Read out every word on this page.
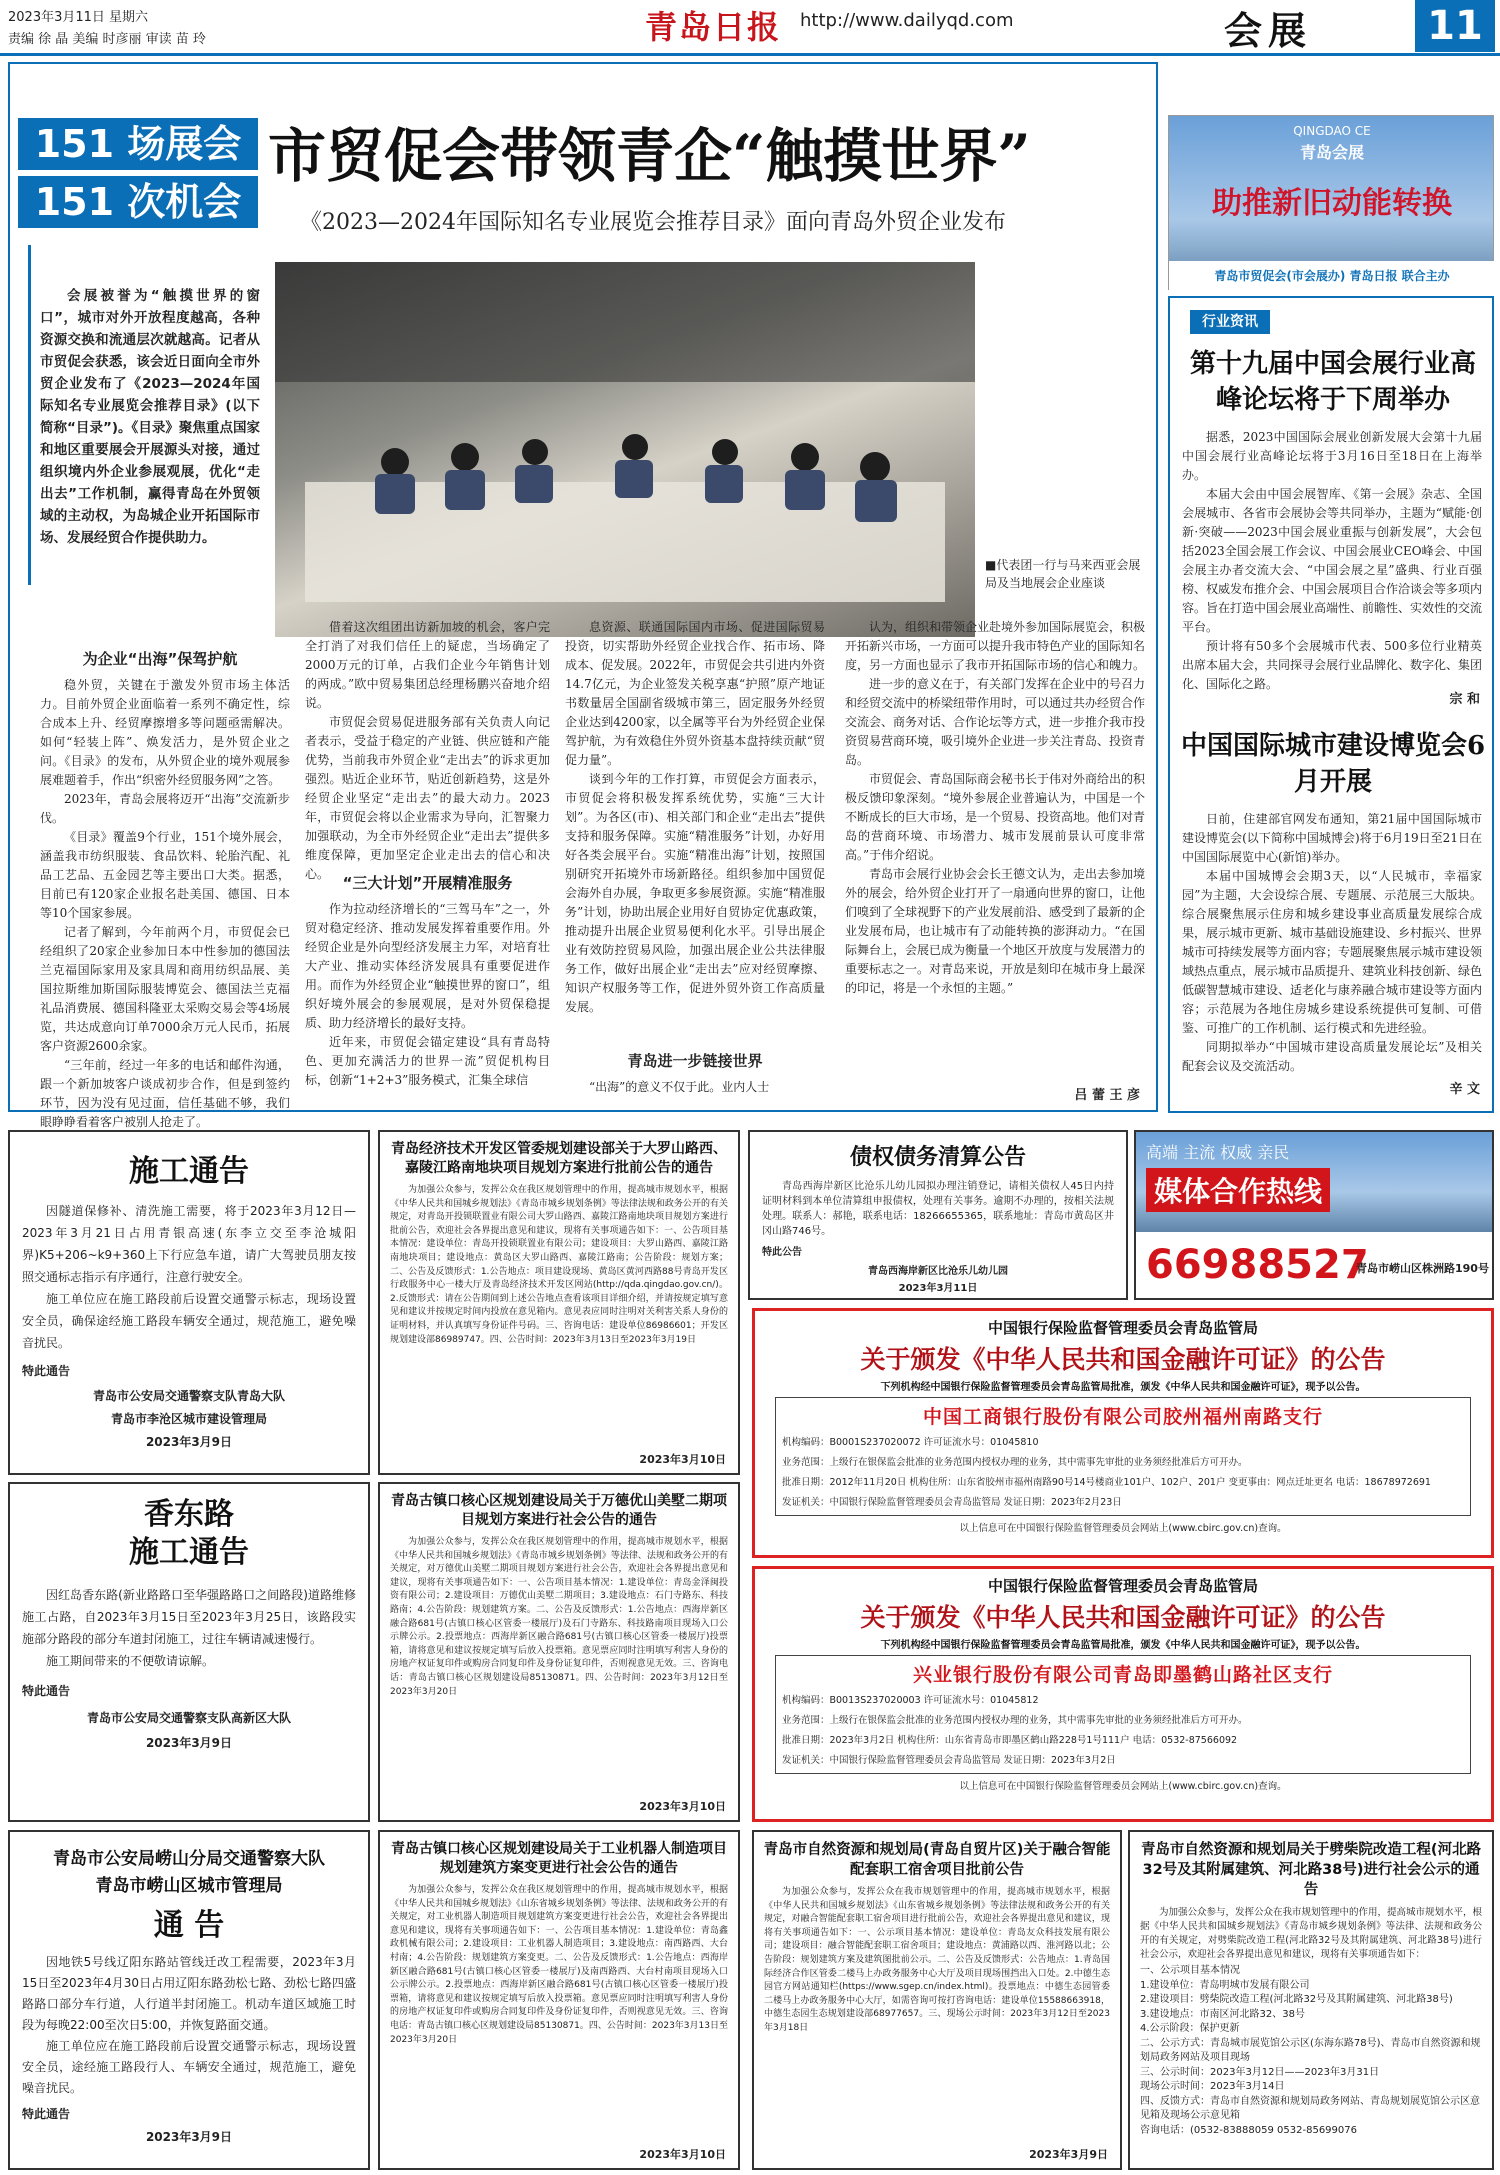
2023年3月11日 星期六
责编 徐 晶 美编 时彦丽 审读 苗 玲	青岛日报 http://www.dailyqd.com	会展	11
151 场展会
151 次机会
市贸促会带领青企“触摸世界”
《2023—2024年国际知名专业展览会推荐目录》面向青岛外贸企业发布
会展被誉为“触摸世界的窗口”，城市对外开放程度越高，各种资源交换和流通层次就越高。记者从市贸促会获悉，该会近日面向全市外贸企业发布了《2023—2024年国际知名专业展览会推荐目录》(以下简称“目录”)。《目录》聚焦重点国家和地区重要展会开展源头对接，通过组织境内外企业参展观展，优化“走出去”工作机制，赢得青岛在外贸领域的主动权，为岛城企业开拓国际市场、发展经贸合作提供助力。
■代表团一行与马来西亚会展局及当地展会企业座谈
为企业“出海”保驾护航

稳外贸，关键在于激发外贸市场主体活力。目前外贸企业面临着一系列不确定性，综合成本上升、经贸摩擦增多等问题亟需解决。如何“轻装上阵”、焕发活力，是外贸企业之问。《目录》的发布，从外贸企业的境外观展参展难题着手，作出“织密外经贸服务网”之答。

2023年，青岛会展将迈开“出海”交流新步伐。

《目录》覆盖9个行业，151个境外展会，涵盖我市纺织服装、食品饮料、轮胎汽配、礼品工艺品、五金园艺等主要出口大类。据悉，目前已有120家企业报名赴美国、德国、日本等10个国家参展。

记者了解到，今年前两个月，市贸促会已经组织了20家企业参加日本中性参加的德国法兰克福国际家用及家具周和商用纺织品展、美国拉斯维加斯国际服装博览会、德国法兰克福礼品消费展、德国科隆亚太采购交易会等4场展览，共达成意向订单7000余万元人民币，拓展客户资源2600余家。

“三年前，经过一年多的电话和邮件沟通，跟一个新加坡客户谈成初步合作，但是到签约环节，因为没有见过面，信任基础不够，我们眼睁睁看着客户被别人抢走了。

借着这次组团出访新加坡的机会，客户完全打消了对我们信任上的疑虑，当场确定了2000万元的订单，占我们企业今年销售计划的两成。”欧中贸易集团总经理杨鹏兴奋地介绍说。

市贸促会贸易促进服务部有关负责人向记者表示，受益于稳定的产业链、供应链和产能优势，当前我市外贸企业“走出去”的诉求更加强烈。贴近企业环节，贴近创新趋势，这是外经贸企业坚定“走出去”的最大动力。2023年，市贸促会将以企业需求为导向，汇智聚力加强联动，为全市外经贸企业“走出去”提供多维度保障，更加坚定企业走出去的信心和决心。 “三大计划”开展精准服务

作为拉动经济增长的“三驾马车”之一，外贸对稳定经济、推动发展发挥着重要作用。外经贸企业是外向型经济发展主力军，对培育壮大产业、推动实体经济发展具有重要促进作用。而作为外经贸企业“触摸世界的窗口”，组织好境外展会的参展观展，是对外贸保稳提质、助力经济增长的最好支持。

近年来，市贸促会锚定建设“具有青岛特色、更加充满活力的世界一流”贸促机构目标，创新“1+2+3”服务模式，汇集全球信

息资源、联通国际国内市场、促进国际贸易投资，切实帮助外经贸企业找合作、拓市场、降成本、促发展。2022年，市贸促会共引进内外资14.7亿元，为企业签发关税享惠“护照”原产地证书数量居全国副省级城市第三，固定服务外经贸企业达到4200家，以全属等平台为外经贸企业保驾护航，为有效稳住外贸外资基本盘持续贡献“贸促力量”。

谈到今年的工作打算，市贸促会方面表示，市贸促会将积极发挥系统优势，实施“三大计划”。为各区(市)、相关部门和企业“走出去”提供支持和服务保障。实施“精准服务”计划，办好用好各类会展平台。实施“精准出海”计划，按照国别研究开拓境外市场新路径。组织参加中国贸促会海外自办展，争取更多参展资源。实施“精准服务”计划，协助出展企业用好自贸协定优惠政策，推动提升出展企业贸易便利化水平。引导出展企业有效防控贸易风险，加强出展企业公共法律服务工作，做好出展企业“走出去”应对经贸摩擦、知识产权服务等工作，促进外贸外资工作高质量发展。

青岛进一步链接世界

“出海”的意义不仅于此。业内人士

认为，组织和带领企业赴境外参加国际展览会，积极开拓新兴市场，一方面可以提升我市特色产业的国际知名度，另一方面也显示了我市开拓国际市场的信心和魄力。

进一步的意义在于，有关部门发挥在企业中的号召力和经贸交流中的桥梁纽带作用时，可以通过共办经贸合作交流会、商务对话、合作论坛等方式，进一步推介我市投资贸易营商环境，吸引境外企业进一步关注青岛、投资青岛。

市贸促会、青岛国际商会秘书长于伟对外商给出的积极反馈印象深刻。“境外参展企业普遍认为，中国是一个不断成长的巨大市场，是一个贸易、投资高地。他们对青岛的营商环境、市场潜力、城市发展前景认可度非常高。”于伟介绍说。

青岛市会展行业协会会长王德文认为，走出去参加境外的展会，给外贸企业打开了一扇通向世界的窗口，让他们嗅到了全球视野下的产业发展前沿、感受到了最新的企业发展布局，也让城市有了动能转换的澎湃动力。“在国际舞台上，会展已成为衡量一个地区开放度与发展潜力的重要标志之一。对青岛来说，开放是刻印在城市身上最深的印记，将是一个永恒的主题。”

吕 蕾 王 彦
QINGDAO CE
青岛会展
助推新旧动能转换
青岛市贸促会(市会展办) 青岛日报 联合主办
行业资讯
第十九届中国会展行业高峰论坛将于下周举办

据悉，2023中国国际会展业创新发展大会第十九届中国会展行业高峰论坛将于3月16日至18日在上海举办。

本届大会由中国会展智库、《第一会展》杂志、全国会展城市、各省市会展协会等共同举办，主题为“赋能·创新·突破——2023中国会展业重振与创新发展”，大会包括2023全国会展工作会议、中国会展业CEO峰会、中国会展主办者交流大会、“中国会展之星”盛典、行业百强榜、权威发布推介会、中国会展项目合作洽谈会等多项内容。旨在打造中国会展业高端性、前瞻性、实效性的交流平台。

预计将有50多个会展城市代表、500多位行业精英出席本届大会，共同探寻会展行业品牌化、数字化、集团化、国际化之路。

宗 和
中国国际城市建设博览会6月开展

日前，住建部官网发布通知，第21届中国国际城市建设博览会(以下简称中国城博会)将于6月19日至21日在中国国际展览中心(新馆)举办。

本届中国城博会会期3天，以“人民城市，幸福家园”为主题，大会设综合展、专题展、示范展三大版块。综合展聚焦展示住房和城乡建设事业高质量发展综合成果，展示城市更新、城市基础设施建设、乡村振兴、世界城市可持续发展等方面内容；专题展聚焦展示城市建设领域热点重点，展示城市品质提升、建筑业科技创新、绿色低碳智慧城市建设、适老化与康养融合城市建设等方面内容；示范展为各地住房城乡建设系统提供可复制、可借鉴、可推广的工作机制、运行模式和先进经验。

同期拟举办“中国城市建设高质量发展论坛”及相关配套会议及交流活动。

辛 文
施工通告

因隧道保修补、清洗施工需要，将于2023年3月12日—2023年3月21日占用青银高速(东李立交至李沧城阳界)K5+206~k9+360上下行应急车道，请广大驾驶员朋友按照交通标志指示有序通行，注意行驶安全。

施工单位应在施工路段前后设置交通警示标志，现场设置安全员，确保途经施工路段车辆安全通过，规范施工，避免噪音扰民。

特此通告

青岛市公安局交通警察支队青岛大队

青岛市李沧区城市建设管理局

2023年3月9日

香东路
施工通告

因红岛香东路(新业路路口至华强路路口之间路段)道路维修施工占路，自2023年3月15日至2023年3月25日，该路段实施部分路段的部分车道封闭施工，过往车辆请减速慢行。

施工期间带来的不便敬请谅解。

特此通告

青岛市公安局交通警察支队高新区大队

2023年3月9日

青岛市公安局崂山分局交通警察大队
青岛市崂山区城市管理局
通 告

因地铁5号线辽阳东路站管线迁改工程需要，2023年3月15日至2023年4月30日占用辽阳东路劲松七路、劲松七路四盛路路口部分车行道，人行道半封闭施工。机动车道区域施工时段为每晚22:00至次日5:00，并恢复路面交通。

施工单位应在施工路段前后设置交通警示标志，现场设置安全员，途经施工路段行人、车辆安全通过，规范施工，避免噪音扰民。

特此通告

2023年3月9日

青岛经济技术开发区管委规划建设部关于大罗山路西、嘉陵江路南地块项目规划方案进行批前公告的通告

为加强公众参与，发挥公众在我区规划管理中的作用，提高城市规划水平，根据《中华人民共和国城乡规划法》《青岛市城乡规划条例》等法律法规和政务公开的有关规定，对青岛开投锁联置业有限公司大罗山路西、嘉陵江路南地块项目规划方案进行批前公告，欢迎社会各界提出意见和建议，现将有关事项通告如下：一、公告项目基本情况：建设单位：青岛开投锁联置业有限公司；建设项目：大罗山路西、嘉陵江路南地块项目；建设地点：黄岛区大罗山路西、嘉陵江路南；公告阶段：规划方案；二、公告及反馈形式：1.公告地点：项目建设现场、黄岛区黄河西路88号青岛开发区行政服务中心一楼大厅及青岛经济技术开发区网站(http://qda.qingdao.gov.cn/)。2.反馈形式：请在公告期间到上述公告地点查看该项目详细介绍，并请按规定填写意见和建议并按规定时间内投放在意见箱内。意见表应同时注明对关利害关系人身份的证明材料，并认真填写身份证件号码。三、咨询电话：建设单位86986601；开发区规划建设部86989747。四、公告时间：2023年3月13日至2023年3月19日

2023年3月10日

青岛古镇口核心区规划建设局关于万德优山美墅二期项目规划方案进行社会公告的通告

为加强公众参与，发挥公众在我区规划管理中的作用，提高城市规划水平，根据《中华人民共和国城乡规划法》《青岛市城乡规划条例》等法律、法规和政务公开的有关规定，对万德优山美墅二期项目规划方案进行社会公告，欢迎社会各界提出意见和建议，现将有关事项通告如下：一、公告项目基本情况：1.建设单位：青岛金泽闽投资有限公司；2.建设项目：万德优山美墅二期项目；3.建设地点：石门寺路东、科技路南；4.公告阶段：规划建筑方案。二、公告及反馈形式：1.公告地点：西海岸新区融合路681号(古镇口核心区管委一楼展厅)及石门寺路东、科技路南项目现场入口公示牌公示。2.投票地点：西海岸新区融合路681号(古镇口核心区管委一楼展厅)投票箱，请将意见和建议按规定填写后放入投票箱。意见票应同时注明填写利害人身份的房地产权证复印件或购房合同复印件及身份证复印件，否则视意见无效。三、咨询电话：青岛古镇口核心区规划建设局85130871。四、公告时间：2023年3月12日至2023年3月20日

2023年3月10日

青岛古镇口核心区规划建设局关于工业机器人制造项目规划建筑方案变更进行社会公告的通告

为加强公众参与，发挥公众在我区规划管理中的作用，提高城市规划水平，根据《中华人民共和国城乡规划法》《山东省城乡规划条例》等法律、法规和政务公开的有关规定，对工业机器人制造项目规划建筑方案变更进行社会公告，欢迎社会各界提出意见和建议，现将有关事项通告如下：一、公告项目基本情况：1.建设单位：青岛鑫政机械有限公司；2.建设项目：工业机器人制造项目；3.建设地点：南西路西、大台村南；4.公告阶段：规划建筑方案变更。二、公告及反馈形式：1.公告地点：西海岸新区融合路681号(古镇口核心区管委一楼展厅)及南西路西、大台村南项目现场入口公示牌公示。2.投票地点：西海岸新区融合路681号(古镇口核心区管委一楼展厅)投票箱，请将意见和建议按规定填写后放入投票箱。意见票应同时注明填写利害人身份的房地产权证复印件或购房合同复印件及身份证复印件，否则视意见无效。三、咨询电话：青岛古镇口核心区规划建设局85130871。四、公告时间：2023年3月13日至2023年3月20日

2023年3月10日

债权债务清算公告

青岛西海岸新区比沧乐儿幼儿园拟办理注销登记，请相关债权人45日内持证明材料到本单位清算组申报债权，处理有关事务。逾期不办理的，按相关法规处理。联系人：郝艳，联系电话：18266655365，联系地址：青岛市黄岛区井冈山路746号。

特此公告

青岛西海岸新区比沧乐儿幼儿园

2023年3月11日

高端 主流 权威 亲民
媒体合作热线
66988527
青岛市崂山区株洲路190号
中国银行保险监督管理委员会青岛监管局
关于颁发《中华人民共和国金融许可证》的公告
下列机构经中国银行保险监督管理委员会青岛监管局批准，颁发《中华人民共和国金融许可证》，现予以公告。
中国工商银行股份有限公司胶州福州南路支行

机构编码：B0001S237020072 许可证流水号：01045810

业务范围：上级行在银保监会批准的业务范围内授权办理的业务，其中需事先审批的业务须经批准后方可开办。

批准日期：2012年11月20日 机构住所：山东省胶州市福州南路90号14号楼商业101户、102户、201户 变更事由：网点迁址更名 电话：18678972691

发证机关：中国银行保险监督管理委员会青岛监管局 发证日期：2023年2月23日

以上信息可在中国银行保险监督管理委员会网站上(www.cbirc.gov.cn)查询。

中国银行保险监督管理委员会青岛监管局
关于颁发《中华人民共和国金融许可证》的公告
下列机构经中国银行保险监督管理委员会青岛监管局批准，颁发《中华人民共和国金融许可证》，现予以公告。
兴业银行股份有限公司青岛即墨鹤山路社区支行

机构编码：B0013S237020003 许可证流水号：01045812

业务范围：上级行在银保监会批准的业务范围内授权办理的业务，其中需事先审批的业务须经批准后方可开办。

批准日期：2023年3月2日 机构住所：山东省青岛市即墨区鹤山路228号1号111户 电话：0532-87566092

发证机关：中国银行保险监督管理委员会青岛监管局 发证日期：2023年3月2日

以上信息可在中国银行保险监督管理委员会网站上(www.cbirc.gov.cn)查询。

青岛市自然资源和规划局(青岛自贸片区)关于融合智能配套职工宿舍项目批前公告

为加强公众参与，发挥公众在我市规划管理中的作用，提高城市规划水平，根据《中华人民共和国城乡规划法》《山东省城乡规划条例》等法律法规和政务公开的有关规定，对融合智能配套职工宿舍项目进行批前公告，欢迎社会各界提出意见和建议，现将有关事项通告如下：一、公示项目基本情况：建设单位：青岛友众科技发展有限公司；建设项目：融合智能配套职工宿舍项目；建设地点：黄浦路以西、淮河路以北；公告阶段：规划建筑方案及建筑图批前公示。二、公告及反馈形式：公告地点：1.青岛国际经济合作区管委二楼马上办政务服务中心大厅及项目现场围挡出入口处。2.中德生态园官方网站通知栏(https://www.sgep.cn/index.html)。投票地点：中德生态园管委二楼马上办政务服务中心大厅，如需咨询可按打咨询电话：建设单位15588663918，中德生态园生态规划建设部68977657。三、现场公示时间：2023年3月12日至2023年3月18日

2023年3月9日

青岛市自然资源和规划局关于劈柴院改造工程(河北路32号及其附属建筑、河北路38号)进行社会公示的通告

为加强公众参与，发挥公众在我市规划管理中的作用，提高城市规划水平，根据《中华人民共和国城乡规划法》《青岛市城乡规划条例》等法律、法规和政务公开的有关规定，对劈柴院改造工程(河北路32号及其附属建筑、河北路38号)进行社会公示，欢迎社会各界提出意见和建议，现将有关事项通告如下：

一、公示项目基本情况

1.建设单位：青岛明城市发展有限公司

2.建设项目：劈柴院改造工程(河北路32号及其附属建筑、河北路38号)

3.建设地点：市南区河北路32、38号

4.公示阶段：保护更新

二、公示方式：青岛城市展览馆公示区(东海东路78号)、青岛市自然资源和规划局政务网站及项目现场

三、公示时间：2023年3月12日——2023年3月31日

现场公示时间：2023年3月14日

四、反馈方式：青岛市自然资源和规划局政务网站、青岛规划展览馆公示区意见箱及现场公示意见箱

咨询电话：(0532-83888059 0532-85699076
